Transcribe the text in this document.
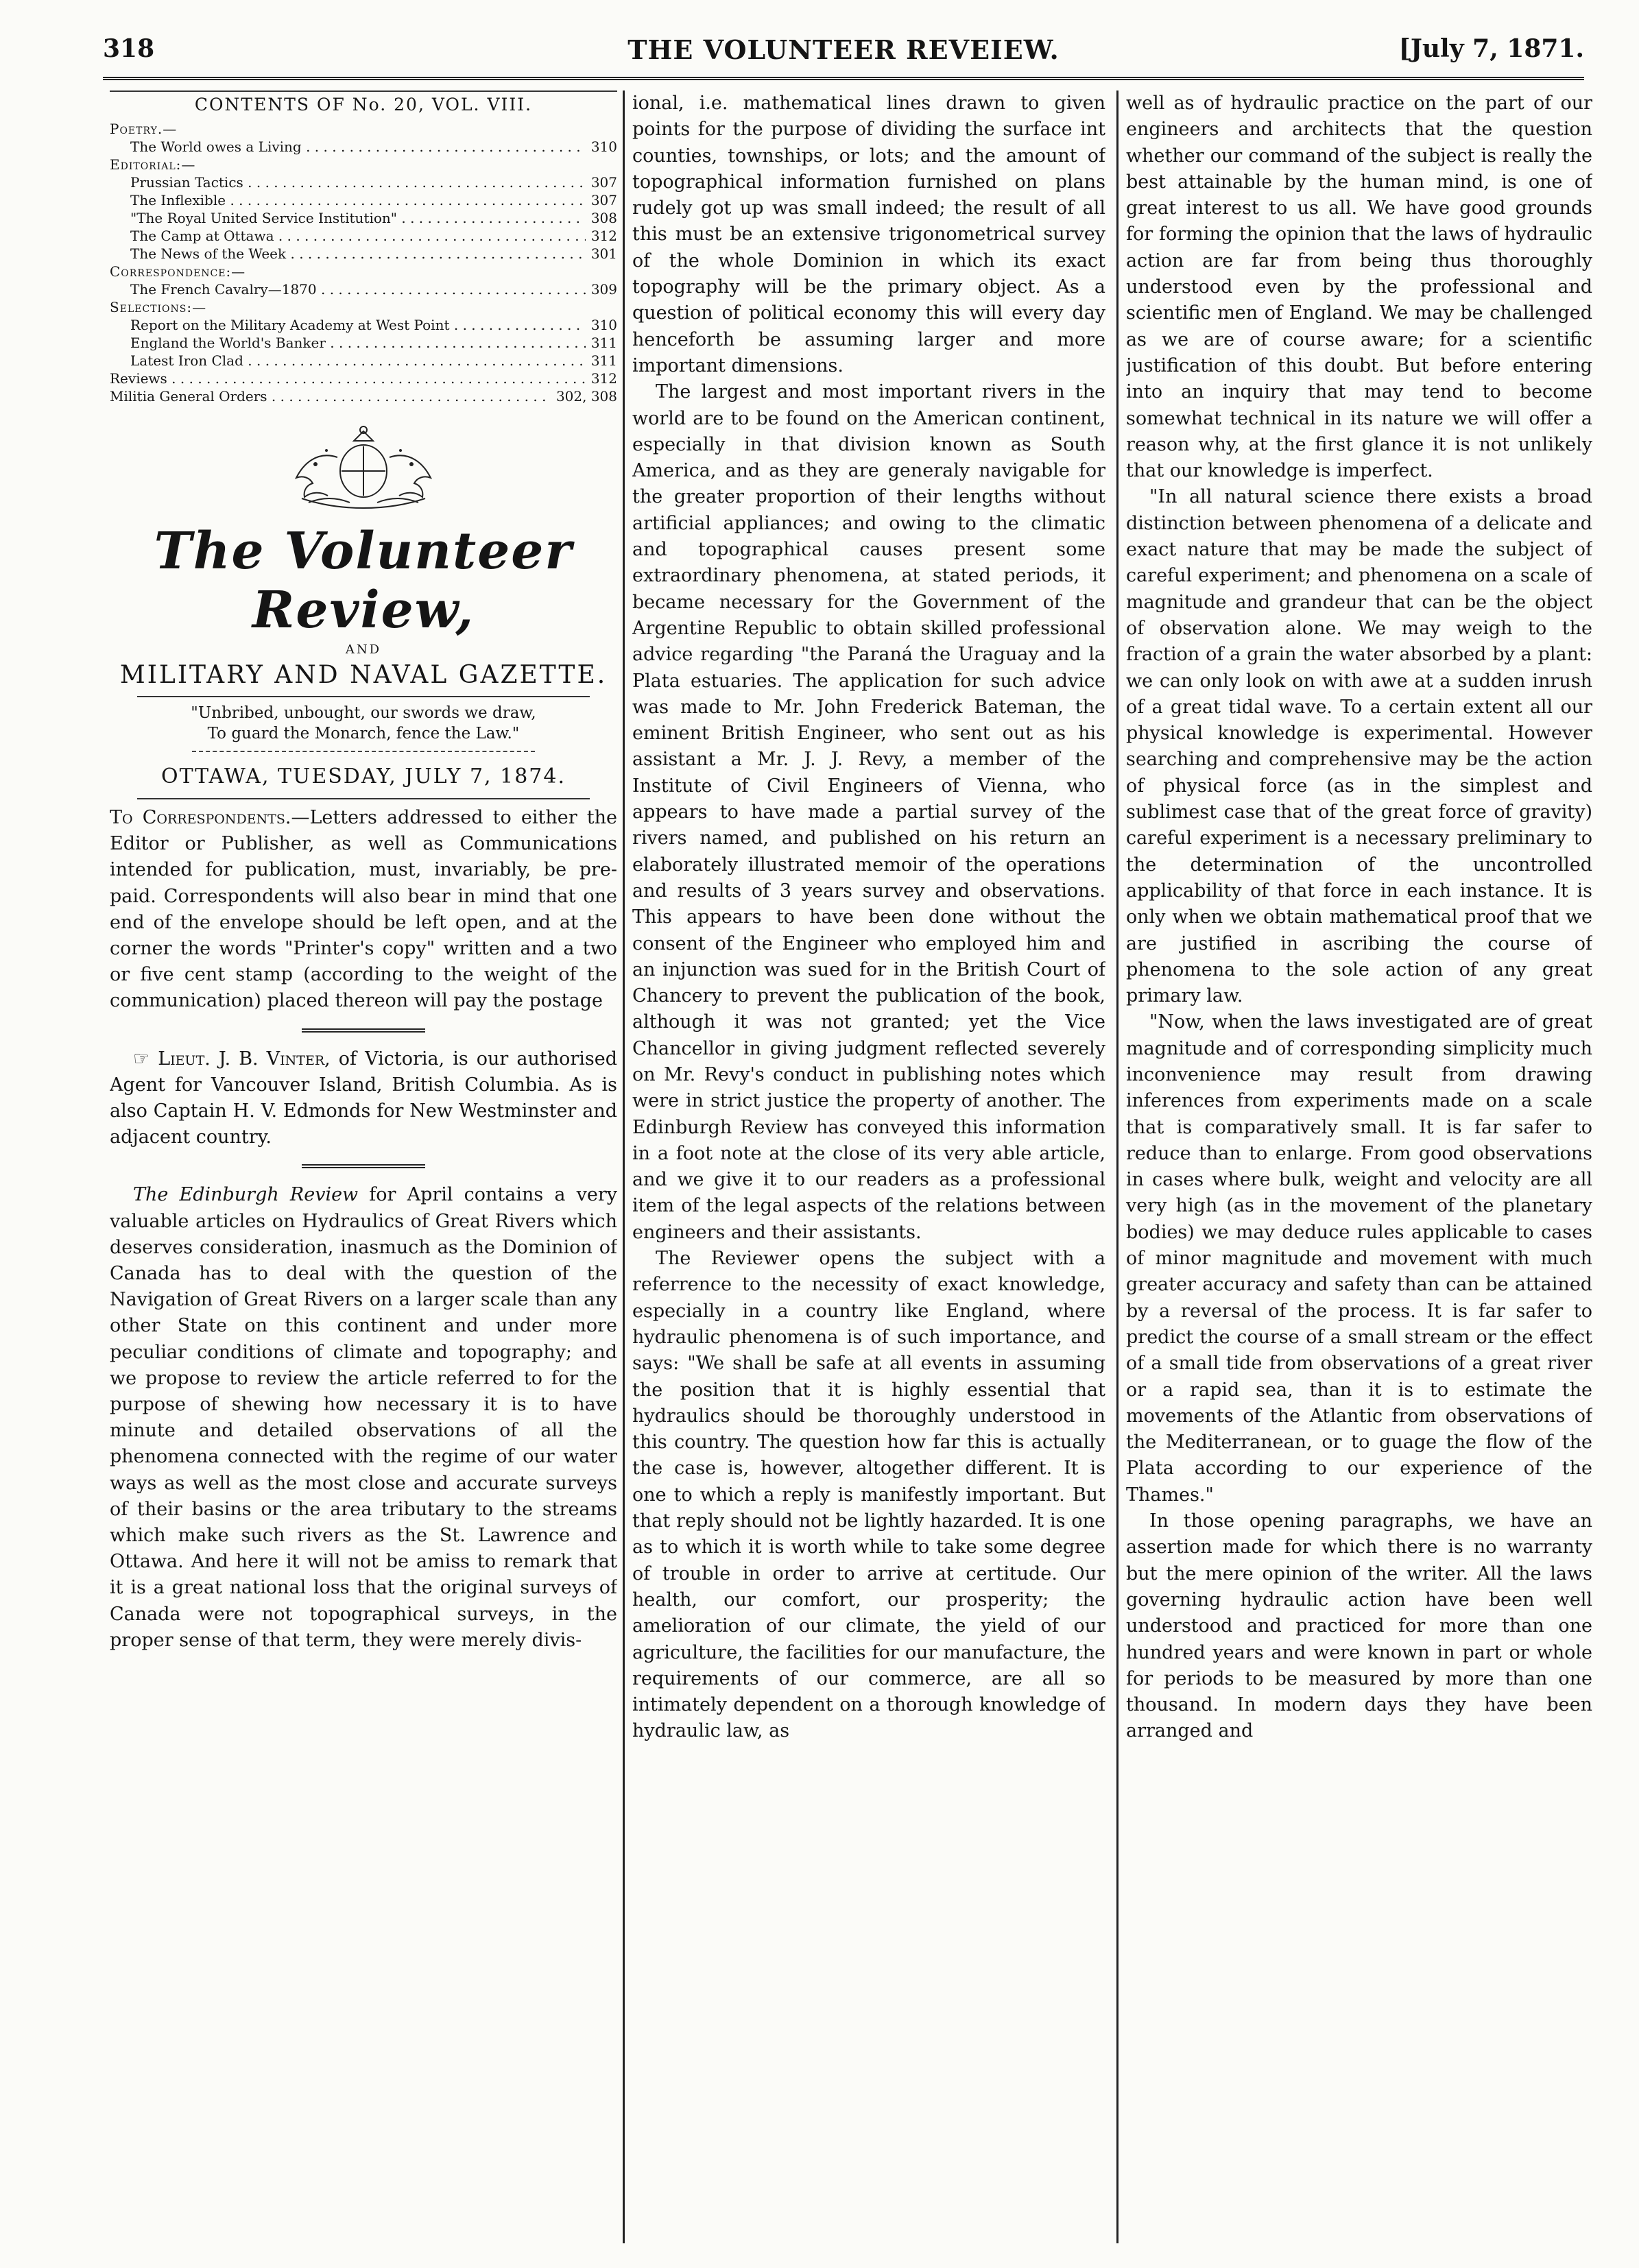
318	THE VOLUNTEER REVEIEW.	[July 7, 1871.
CONTENTS OF No. 20, VOL. VIII.
Poetry.—
The World owes a Living . . .	310
Editorial:—
Prussian Tactics . . .	307
The Inflexible . . .	307
"The Royal United Service Institution" . . .	308
The Camp at Ottawa . . .	312
The News of the Week . . .	301
Correspondence:—
The French Cavalry—1870 . . .	309
Selections:—
Report on the Military Academy at West Point . . .	310
England the World's Banker . . .	311
Latest Iron Clad . . .	311
Reviews . . .	312
Militia General Orders . . .	302, 308
The Volunteer Review,
AND
MILITARY AND NAVAL GAZETTE.
"Unbribed, unbought, our swords we draw,
To guard the Monarch, fence the Law."
OTTAWA, TUESDAY, JULY 7, 1874.

To Correspondents.—Letters addressed to either the Editor or Publisher, as well as Communications intended for publication, must, invariably, be pre-paid. Correspondents will also bear in mind that one end of the envelope should be left open, and at the corner the words "Printer's copy" written and a two or five cent stamp (according to the weight of the communication) placed thereon will pay the postage

☞ Lieut. J. B. Vinter, of Victoria, is our authorised Agent for Vancouver Island, British Columbia. As is also Captain H. V. Edmonds for New Westminster and adjacent country.

The Edinburgh Review for April contains a very valuable articles on Hydraulics of Great Rivers which deserves consideration, inasmuch as the Dominion of Canada has to deal with the question of the Navigation of Great Rivers on a larger scale than any other State on this continent and under more peculiar conditions of climate and topography; and we propose to review the article referred to for the purpose of shewing how necessary it is to have minute and detailed observations of all the phenomena connected with the regime of our water ways as well as the most close and accurate surveys of their basins or the area tributary to the streams which make such rivers as the St. Lawrence and Ottawa. And here it will not be amiss to remark that it is a great national loss that the original surveys of Canada were not topographical surveys, in the proper sense of that term, they were merely divis-

ional, i.e. mathematical lines drawn to given points for the purpose of dividing the surface int counties, townships, or lots; and the amount of topographical information furnished on plans rudely got up was small indeed; the result of all this must be an extensive trigonometrical survey of the whole Dominion in which its exact topography will be the primary object. As a question of political economy this will every day henceforth be assuming larger and more important dimensions.

The largest and most important rivers in the world are to be found on the American continent, especially in that division known as South America, and as they are generaly navigable for the greater proportion of their lengths without artificial appliances; and owing to the climatic and topographical causes present some extraordinary phenomena, at stated periods, it became necessary for the Government of the Argentine Republic to obtain skilled professional advice regarding "the Paraná the Uraguay and la Plata estuaries. The application for such advice was made to Mr. John Frederick Bateman, the eminent British Engineer, who sent out as his assistant a Mr. J. J. Revy, a member of the Institute of Civil Engineers of Vienna, who appears to have made a partial survey of the rivers named, and published on his return an elaborately illustrated memoir of the operations and results of 3 years survey and observations. This appears to have been done without the consent of the Engineer who employed him and an injunction was sued for in the British Court of Chancery to prevent the publication of the book, although it was not granted; yet the Vice Chancellor in giving judgment reflected severely on Mr. Revy's conduct in publishing notes which were in strict justice the property of another. The Edinburgh Review has conveyed this information in a foot note at the close of its very able article, and we give it to our readers as a professional item of the legal aspects of the relations between engineers and their assistants.

The Reviewer opens the subject with a referrence to the necessity of exact knowledge, especially in a country like England, where hydraulic phenomena is of such importance, and says: "We shall be safe at all events in assuming the position that it is highly essential that hydraulics should be thoroughly understood in this country. The question how far this is actually the case is, however, altogether different. It is one to which a reply is manifestly important. But that reply should not be lightly hazarded. It is one as to which it is worth while to take some degree of trouble in order to arrive at certitude. Our health, our comfort, our prosperity; the amelioration of our climate, the yield of our agriculture, the facilities for our manufacture, the requirements of our commerce, are all so intimately dependent on a thorough knowledge of hydraulic law, as

well as of hydraulic practice on the part of our engineers and architects that the question whether our command of the subject is really the best attainable by the human mind, is one of great interest to us all. We have good grounds for forming the opinion that the laws of hydraulic action are far from being thus thoroughly understood even by the professional and scientific men of England. We may be challenged as we are of course aware; for a scientific justification of this doubt. But before entering into an inquiry that may tend to become somewhat technical in its nature we will offer a reason why, at the first glance it is not unlikely that our knowledge is imperfect.

"In all natural science there exists a broad distinction between phenomena of a delicate and exact nature that may be made the subject of careful experiment; and phenomena on a scale of magnitude and grandeur that can be the object of observation alone. We may weigh to the fraction of a grain the water absorbed by a plant: we can only look on with awe at a sudden inrush of a great tidal wave. To a certain extent all our physical knowledge is experimental. However searching and comprehensive may be the action of physical force (as in the simplest and sublimest case that of the great force of gravity) careful experiment is a necessary preliminary to the determination of the uncontrolled applicability of that force in each instance. It is only when we obtain mathematical proof that we are justified in ascribing the course of phenomena to the sole action of any great primary law.

"Now, when the laws investigated are of great magnitude and of corresponding simplicity much inconvenience may result from drawing inferences from experiments made on a scale that is comparatively small. It is far safer to reduce than to enlarge. From good observations in cases where bulk, weight and velocity are all very high (as in the movement of the planetary bodies) we may deduce rules applicable to cases of minor magnitude and movement with much greater accuracy and safety than can be attained by a reversal of the process. It is far safer to predict the course of a small stream or the effect of a small tide from observations of a great river or a rapid sea, than it is to estimate the movements of the Atlantic from observations of the Mediterranean, or to guage the flow of the Plata according to our experience of the Thames."

In those opening paragraphs, we have an assertion made for which there is no warranty but the mere opinion of the writer. All the laws governing hydraulic action have been well understood and practiced for more than one hundred years and were known in part or whole for periods to be measured by more than one thousand. In modern days they have been arranged and
